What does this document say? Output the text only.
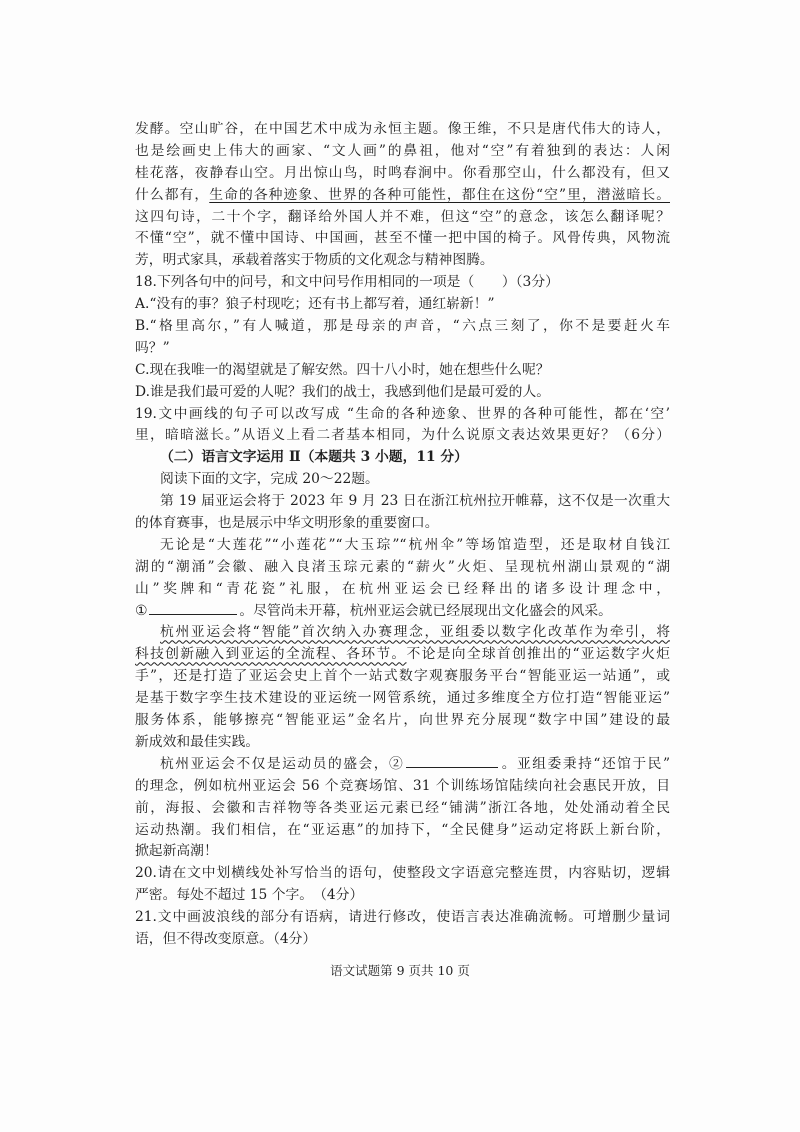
发酵。空山旷谷，在中国艺术中成为永恒主题。像王维，不只是唐代伟大的诗人，
也是绘画史上伟大的画家、“文人画”的鼻祖，他对“空”有着独到的表达：人闲
桂花落，夜静春山空。月出惊山鸟，时鸣春涧中。你看那空山，什么都没有，但又
什么都有，生命的各种迹象、世界的各种可能性，都住在这份“空”里，潜滋暗长。
这四句诗，二十个字，翻译给外国人并不难，但这“空”的意念，该怎么翻译呢？
不懂“空”，就不懂中国诗、中国画，甚至不懂一把中国的椅子。风骨传典，风物流
芳，明式家具，承载着落实于物质的文化观念与精神图腾。
18.下列各句中的问号，和文中问号作用相同的一项是（　　）（3分）
A.“没有的事？狼子村现吃；还有书上都写着，通红崭新！”
B.“格里高尔，”有人喊道，那是母亲的声音，“六点三刻了，你不是要赶火车
吗？”
C.现在我唯一的渴望就是了解安然。四十八小时，她在想些什么呢？
D.谁是我们最可爱的人呢？我们的战士，我感到他们是最可爱的人。
19.文中画线的句子可以改写成 “生命的各种迹象、世界的各种可能性，都在‘空’
里，暗暗滋长。”从语义上看二者基本相同，为什么说原文表达效果更好？（6分）
（二）语言文字运用 Ⅱ（本题共 3 小题，11 分）
阅读下面的文字，完成 20～22题。
第 19 届亚运会将于 2023 年 9 月 23 日在浙江杭州拉开帷幕，这不仅是一次重大
的体育赛事，也是展示中华文明形象的重要窗口。
无论是“大莲花”“小莲花”“大玉琮”“杭州伞”等场馆造型，还是取材自钱江
湖的“潮涌”会徽、融入良渚玉琮元素的“薪火”火炬、呈现杭州湖山景观的“湖
山”奖牌和“青花瓷”礼服，在杭州亚运会已经释出的诸多设计理念中，
①	。尽管尚未开幕，杭州亚运会就已经展现出文化盛会的风采。
杭州亚运会将“智能”首次纳入办赛理念，亚组委以数字化改革作为牵引，将
科技创新融入到亚运的全流程、各环节。不论是向全球首创推出的“亚运数字火炬
手”，还是打造了亚运会史上首个一站式数字观赛服务平台“智能亚运一站通”，或
是基于数字孪生技术建设的亚运统一网管系统，通过多维度全方位打造“智能亚运”
服务体系，能够擦亮“智能亚运”金名片，向世界充分展现“数字中国”建设的最
新成效和最佳实践。
杭州亚运会不仅是运动员的盛会，②	。亚组委秉持“还馆于民”
的理念，例如杭州亚运会 56 个竞赛场馆、31 个训练场馆陆续向社会惠民开放，目
前，海报、会徽和吉祥物等各类亚运元素已经“铺满”浙江各地，处处涌动着全民
运动热潮。我们相信，在“亚运惠”的加持下，“全民健身”运动定将跃上新台阶，
掀起新高潮！
20.请在文中划横线处补写恰当的语句，使整段文字语意完整连贯，内容贴切，逻辑
严密。每处不超过 15 个字。　（4分）
21.文中画波浪线的部分有语病，请进行修改，使语言表达准确流畅。可增删少量词
语，但不得改变原意。（4分）
语文试题第 9 页共 10 页
